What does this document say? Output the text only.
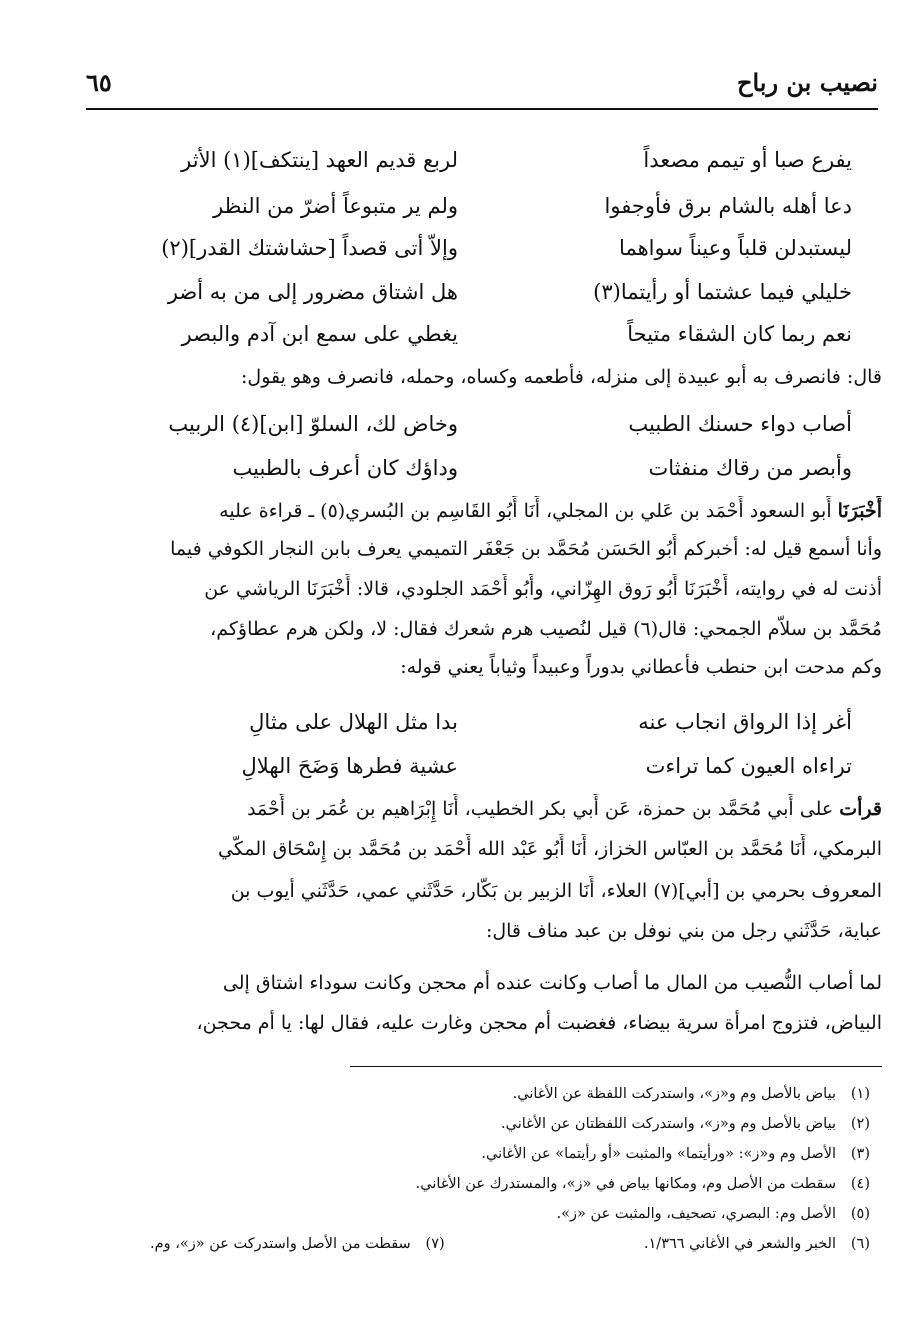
نصيب بن رباح
٦٥
يفرع صبا أو تيمم مصعداً
لربع قديم العهد [ينتكف](١) الأثر
دعا أهله بالشام برق فأوجفوا
ولم ير متبوعاً أضرّ من النظر
ليستبدلن قلباً وعيناً سواهما
وإلاّ أتى قصداً [حشاشتك القدر](٢)
خليلي فيما عشتما أو رأيتما(٣)
هل اشتاق مضرور إلى من به أضر
نعم ربما كان الشقاء متيحاً
يغطي على سمع ابن آدم والبصر
قال: فانصرف به أبو عبيدة إلى منزله، فأطعمه وكساه، وحمله، فانصرف وهو يقول:
أصاب دواء حسنك الطبيب
وخاض لك، السلوّ [ابن](٤) الربيب
وأبصر من رقاك منفثات
وداؤك كان أعرف بالطبيب
أَخْبَرَنَا أَبو السعود أَحْمَد بن عَلي بن المجلي، أَنَا أَبُو القَاسِم بن البُسري(٥) ـ قراءة عليه
وأنا أسمع قيل له: أخبركم أَبُو الحَسَن مُحَمَّد بن جَعْفَر التميمي يعرف بابن النجار الكوفي فيما
أذنت له في روايته، أَخْبَرَنَا أَبُو رَوق الهِزّاني، وأَبُو أَحْمَد الجلودي، قالا: أَخْبَرَنَا الرياشي عن
مُحَمَّد بن سلاّم الجمحي: قال(٦) قيل لنُصيب هرم شعرك فقال: لا، ولكن هرم عطاؤكم،
وكم مدحت ابن حنطب فأعطاني بدوراً وعبيداً وثياباً يعني قوله:
أغر إذا الرواق انجاب عنه
بدا مثل الهلال على مثالِ
تراءاه العيون كما تراءت
عشية فطرها وَضَحَ الهلالِ
قرأت على أَبي مُحَمَّد بن حمزة، عَن أَبي بكر الخطيب، أَنَا إِبْرَاهيم بن عُمَر بن أَحْمَد
البرمكي، أَنَا مُحَمَّد بن العبّاس الخزاز، أَنَا أَبُو عَبْد الله أَحْمَد بن مُحَمَّد بن إِسْحَاق المكّي
المعروف بحرمي بن [أبي](٧) العلاء، أَنَا الزبير بن بَكّار، حَدَّثَني عمي، حَدَّثَني أيوب بن
عباية، حَدَّثَني رجل من بني نوفل بن عبد مناف قال:
لما أصاب النُّصيب من المال ما أصاب وكانت عنده أم محجن وكانت سوداء اشتاق إلى
البياض، فتزوج امرأة سرية بيضاء، فغضبت أم محجن وغارت عليه، فقال لها: يا أم محجن،
(١)بياض بالأصل وم و«ز»، واستدركت اللفظة عن الأغاني.
(٢)بياض بالأصل وم و«ز»، واستدركت اللفظتان عن الأغاني.
(٣)الأصل وم و«ز»: «ورأيتما» والمثبت «أو رأيتما» عن الأغاني.
(٤)سقطت من الأصل وم، ومكانها بياض في «ز»، والمستدرك عن الأغاني.
(٥)الأصل وم: البصري، تصحيف، والمثبت عن «ز».
(٦)الخبر والشعر في الأغاني ١/٣٦٦.
(٧)سقطت من الأصل واستدركت عن «ز»، وم.
